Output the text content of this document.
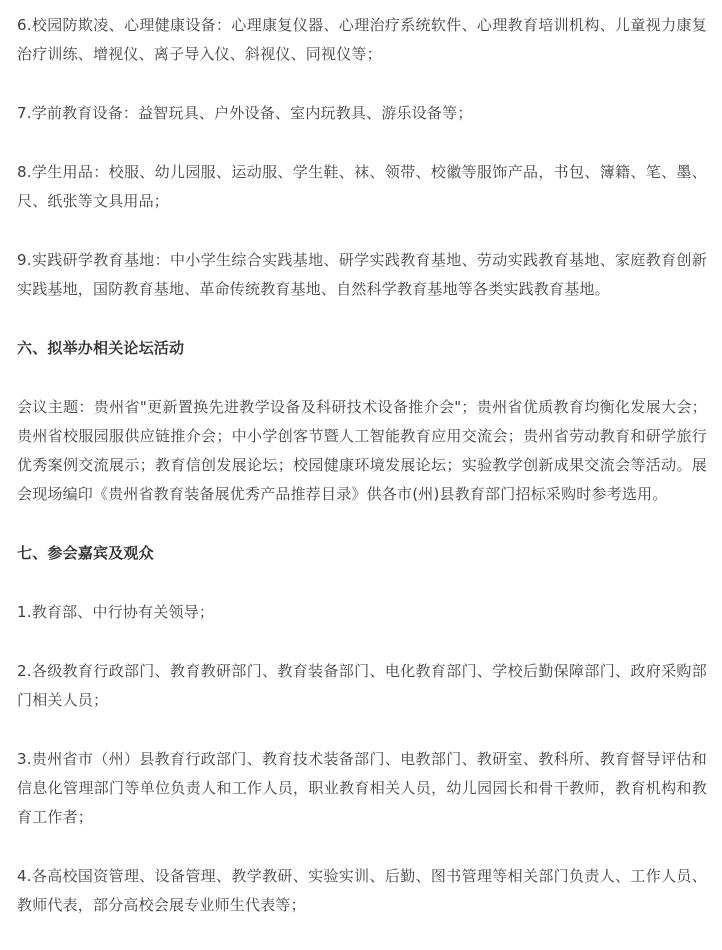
6.校园防欺凌、心理健康设备：心理康复仪器、心理治疗系统软件、心理教育培训机构、儿童视力康复治疗训练、增视仪、离子导入仪、斜视仪、同视仪等；

7.学前教育设备：益智玩具、户外设备、室内玩教具、游乐设备等；

8.学生用品：校服、幼儿园服、运动服、学生鞋、袜、领带、校徽等服饰产品，书包、簿籍、笔、墨、尺、纸张等文具用品；

9.实践研学教育基地：中小学生综合实践基地、研学实践教育基地、劳动实践教育基地、家庭教育创新实践基地，国防教育基地、革命传统教育基地、自然科学教育基地等各类实践教育基地。

六、拟举办相关论坛活动

会议主题：贵州省"更新置换先进教学设备及科研技术设备推介会"；贵州省优质教育均衡化发展大会；贵州省校服园服供应链推介会；中小学创客节暨人工智能教育应用交流会；贵州省劳动教育和研学旅行优秀案例交流展示；教育信创发展论坛；校园健康环境发展论坛；实验教学创新成果交流会等活动。展会现场编印《贵州省教育装备展优秀产品推荐目录》供各市(州)县教育部门招标采购时参考选用。

七、参会嘉宾及观众

1.教育部、中行协有关领导；

2.各级教育行政部门、教育教研部门、教育装备部门、电化教育部门、学校后勤保障部门、政府采购部门相关人员；

3.贵州省市（州）县教育行政部门、教育技术装备部门、电教部门、教研室、教科所、教育督导评估和信息化管理部门等单位负责人和工作人员，职业教育相关人员，幼儿园园长和骨干教师，教育机构和教育工作者；

4.各高校国资管理、设备管理、教学教研、实验实训、后勤、图书管理等相关部门负责人、工作人员、教师代表，部分高校会展专业师生代表等；
